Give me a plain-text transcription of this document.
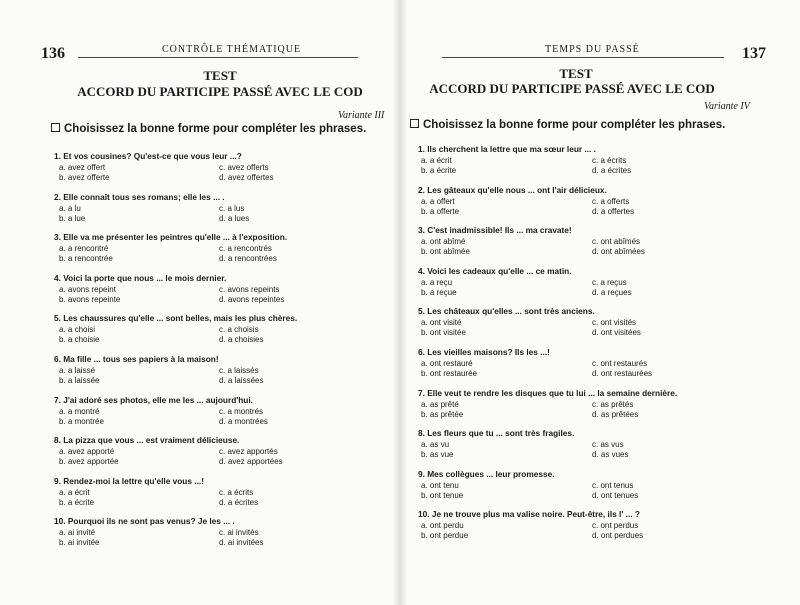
136	CONTRÔLE THÉMATIQUE
TEST
ACCORD DU PARTICIPE PASSÉ AVEC LE COD
Variante III
Choisissez la bonne forme pour compléter les phrases.
1. Et vos cousines? Qu'est-ce que vous leur ...?
a. avez offert
b. avez offerte
c. avez offerts
d. avez offertes
2. Elle connaît tous ses romans; elle les ... .
a. a lu
b. a lue
c. a lus
d. a lues
3. Elle va me présenter les peintres qu'elle ... à l'exposition.
a. a rencontré
b. a rencontrée
c. a rencontrés
d. a rencontrées
4. Voici la porte que nous ... le mois dernier.
a. avons repeint
b. avons repeinte
c. avons repeints
d. avons repeintes
5. Les chaussures qu'elle ... sont belles, mais les plus chères.
a. a choisi
b. a choisie
c. a choisis
d. a choisies
6. Ma fille ... tous ses papiers à la maison!
a. a laissé
b. a laissée
c. a laissés
d. a laissées
7. J'ai adoré ses photos, elle me les ... aujourd'hui.
a. a montré
b. a montrée
c. a montrés
d. a montrées
8. La pizza que vous ... est vraiment délicieuse.
a. avez apporté
b. avez apportée
c. avez apportés
d. avez apportées
9. Rendez-moi la lettre qu'elle vous ...!
a. a écrit
b. a écrite
c. a écrits
d. a écrites
10. Pourquoi ils ne sont pas venus? Je les ... .
a. ai invité
b. ai invitée
c. ai invités
d. ai invitées
TEMPS DU PASSÉ	137
TEST
ACCORD DU PARTICIPE PASSÉ AVEC LE COD
Variante IV
Choisissez la bonne forme pour compléter les phrases.
1. Ils cherchent la lettre que ma sœur leur ... .
a. a écrit
b. a écrite
c. a écrits
d. a écrites
2. Les gâteaux qu'elle nous ... ont l'air délicieux.
a. a offert
b. a offerte
c. a offerts
d. a offertes
3. C'est inadmissible! Ils ... ma cravate!
a. ont abîmé
b. ont abîmée
c. ont abîmés
d. ont abîmées
4. Voici les cadeaux qu'elle ... ce matin.
a. a reçu
b. a reçue
c. a reçus
d. a reçues
5. Les châteaux qu'elles ... sont très anciens.
a. ont visité
b. ont visitée
c. ont visités
d. ont visitées
6. Les vieilles maisons? Ils les ...!
a. ont restauré
b. ont restaurée
c. ont restaurés
d. ont restaurées
7. Elle veut te rendre les disques que tu lui ... la semaine dernière.
a. as prêté
b. as prêtée
c. as prêtés
d. as prêtées
8. Les fleurs que tu ... sont très fragiles.
a. as vu
b. as vue
c. as vus
d. as vues
9. Mes collègues ... leur promesse.
a. ont tenu
b. ont tenue
c. ont tenus
d. ont tenues
10. Je ne trouve plus ma valise noire. Peut-être, ils l' ... ?
a. ont perdu
b. ont perdue
c. ont perdus
d. ont perdues
